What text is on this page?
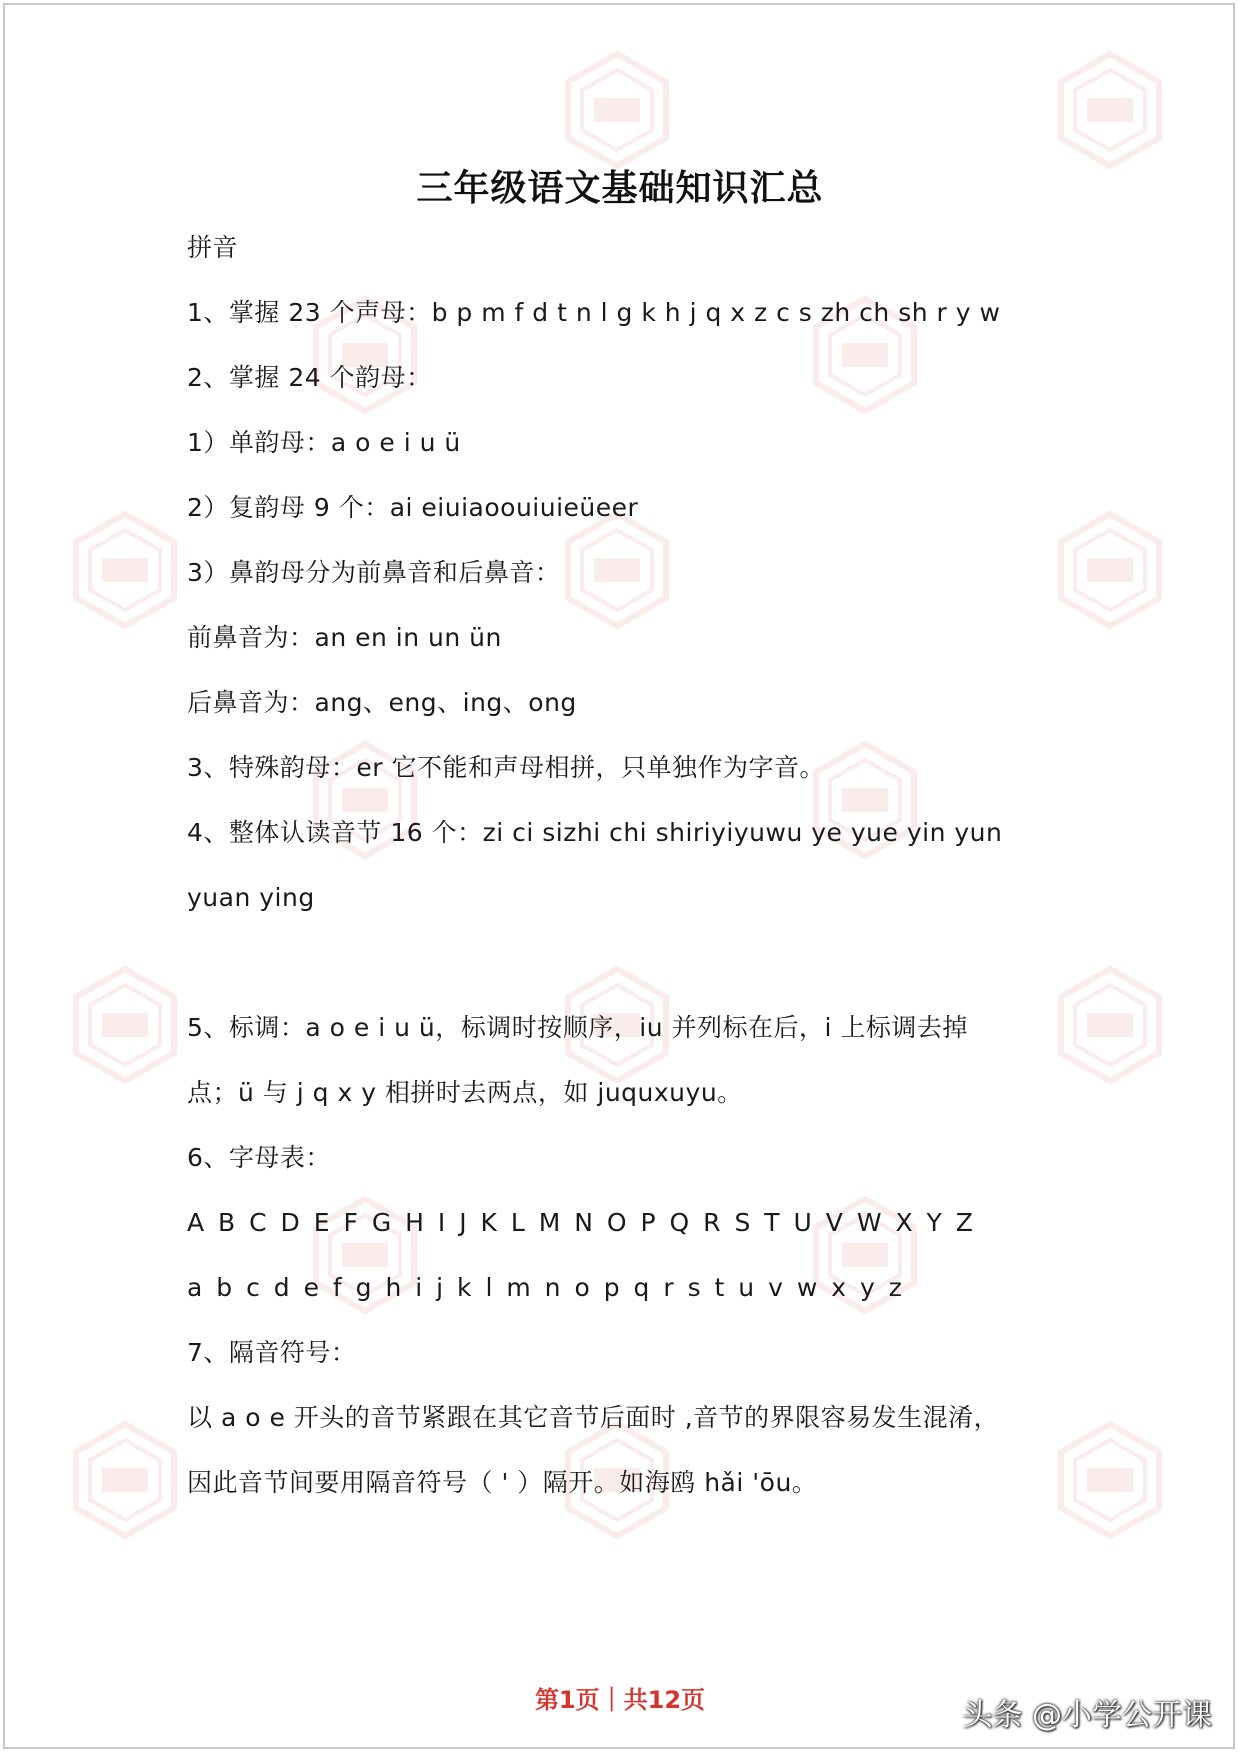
三年级语文基础知识汇总
拼音
1、掌握 23 个声母：b p m f d t n l g k h j q x z c s zh ch sh r y w
2、掌握 24 个韵母：
1）单韵母：a o e i u ü
2）复韵母 9 个：ai eiuiaoouiuieüeer
3）鼻韵母分为前鼻音和后鼻音：
前鼻音为：an en in un ün
后鼻音为：ang、eng、ing、ong
3、特殊韵母：er 它不能和声母相拼，只单独作为字音。
4、整体认读音节 16 个：zi ci sizhi chi shiriyiyuwu ye yue yin yun
yuan ying
5、标调：a o e i u ü，标调时按顺序，iu 并列标在后，i 上标调去掉
点；ü 与 j q x y 相拼时去两点，如 juquxuyu。
6、字母表：
A B C D E F G H I J K L M N O P Q R S T U V W X Y Z
a b c d e f g h i j k l m n o p q r s t u v w x y z
7、隔音符号：
以 a o e 开头的音节紧跟在其它音节后面时 ,音节的界限容易发生混淆，
因此音节间要用隔音符号（ ' ）隔开。如海鸥 hǎi 'ōu。
第1页｜共12页	头条 @小学公开课
